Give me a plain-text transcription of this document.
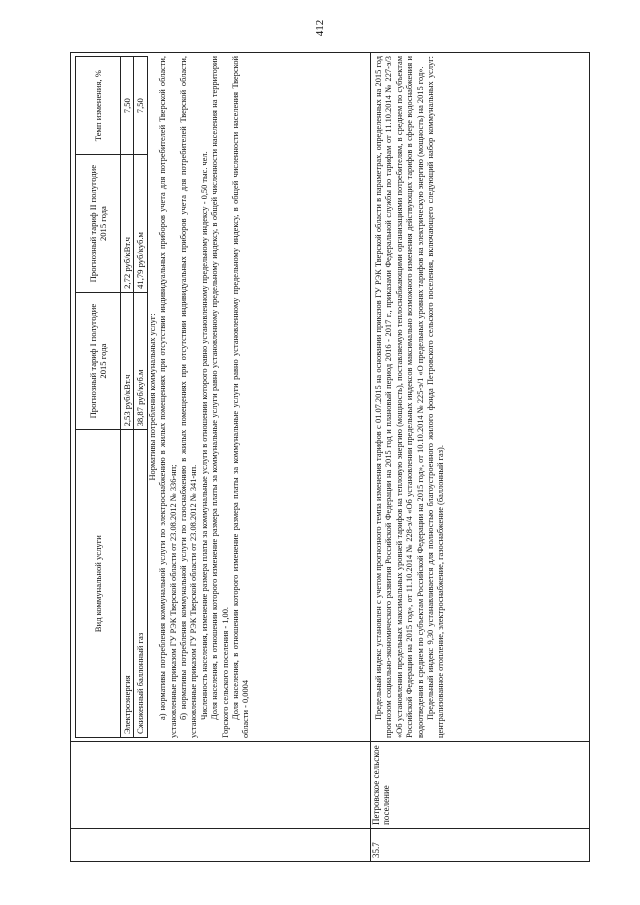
412

Вид коммунальной услуги	Прогнозный тариф I полугодие 2015 года	Прогнозный тариф II полугодие 2015 года	Темп изменения, %
Электроэнергия	2,53 руб/кВт.ч	2,72 руб/кВт.ч	7,50
Сжиженный баллонный газ	38,87 руб/куб.м	41,79 руб/куб.м	7,50

Нормативы потребления коммунальных услуг: а) нормативы потребления коммунальной услуги по электроснабжению в жилых помещениях при отсутствии индивидуальных приборов учета для потребителей Тверской области, установленные приказом ГУ РЭК Тверской области от 23.08.2012 № 336-нп; б) нормативы потребления коммунальной услуги по газоснабжению в жилых помещениях при отсутствии индивидуальных приборов учета для потребителей Тверской области, установленные приказом ГУ РЭК Тверской области от 23.08.2012 № 341-нп. Численность населения, изменение размера платы за коммунальные услуги в отношении которого равно установленному предельному индексу - 0,50 тыс. чел. Доля населения, в отношении которого изменение размера платы за коммунальные услуги равно установленному предельному индексу, в общей численности населения на территории Горского сельского поселения - 1,00. Доля населения, в отношении которого изменение размера платы за коммунальные услуги равно установленному предельному индексу, в общей численности населения Тверской области - 0,0004

35.7	Петровское сельское поселение	

Предельный индекс установлен с учетом прогнозного темпа изменения тарифов с 01.07.2015 на основании приказов ГУ РЭК Тверской области в параметрах, определенных на 2015 год прогнозом социально-экономического развития Российской Федерации на 2015 год и плановый период 2016 - 2017 г., приказами Федеральной службы по тарифам от 11.10.2014 № 227-э/3 «Об установлении предельных максимальных уровней тарифов на тепловую энергию (мощность), поставляемую теплоснабжающими организациями потребителям, в среднем по субъектам Российской Федерации на 2015 год», от 11.10.2014 № 228-э/4 «Об установлении предельных индексов максимально возможного изменения действующих тарифов в сфере водоснабжения и водоотведения в среднем по субъектам Российской Федерации на 2015 год», от 10.10.2014 № 225-э/1 «О предельных уровнях тарифов на электрическую энергию (мощность) на 2015 год». Предельный индекс 9,30 устанавливается для полностью благоустроенного жилого фонда Петровского сельского поселения, включающего следующий набор коммунальных услуг: централизованное отопление, электроснабжение, газоснабжение (баллонный газ).
